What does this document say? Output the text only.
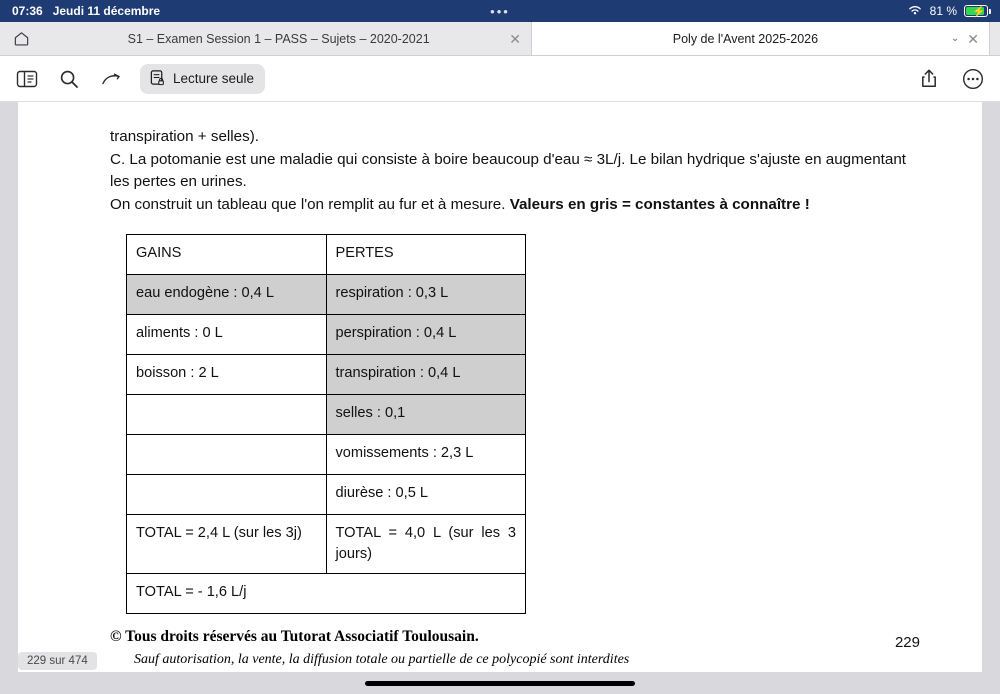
07:36 Jeudi 11 décembre	•••	81 % ⚡
S1 – Examen Session 1 – PASS – Sujets – 2020-2021	✕	Poly de l'Avent 2025-2026	⌄ ✕
Lecture seule
transpiration + selles).
C. La potomanie est une maladie qui consiste à boire beaucoup d'eau ≈ 3L/j. Le bilan hydrique s'ajuste en augmentant les pertes en urines.
On construit un tableau que l'on remplit au fur et à mesure. Valeurs en gris = constantes à connaître !
GAINS	PERTES
eau endogène : 0,4 L	respiration : 0,3 L
aliments : 0 L	perspiration : 0,4 L
boisson : 2 L	transpiration : 0,4 L
	selles : 0,1
	vomissements : 2,3 L
	diurèse : 0,5 L
TOTAL = 2,4 L (sur les 3j)	TOTAL = 4,0 L (sur les 3 jours)
TOTAL = - 1,6 L/j	
© Tous droits réservés au Tutorat Associatif Toulousain.
Sauf autorisation, la vente, la diffusion totale ou partielle de ce polycopié sont interdites
229
229 sur 474
